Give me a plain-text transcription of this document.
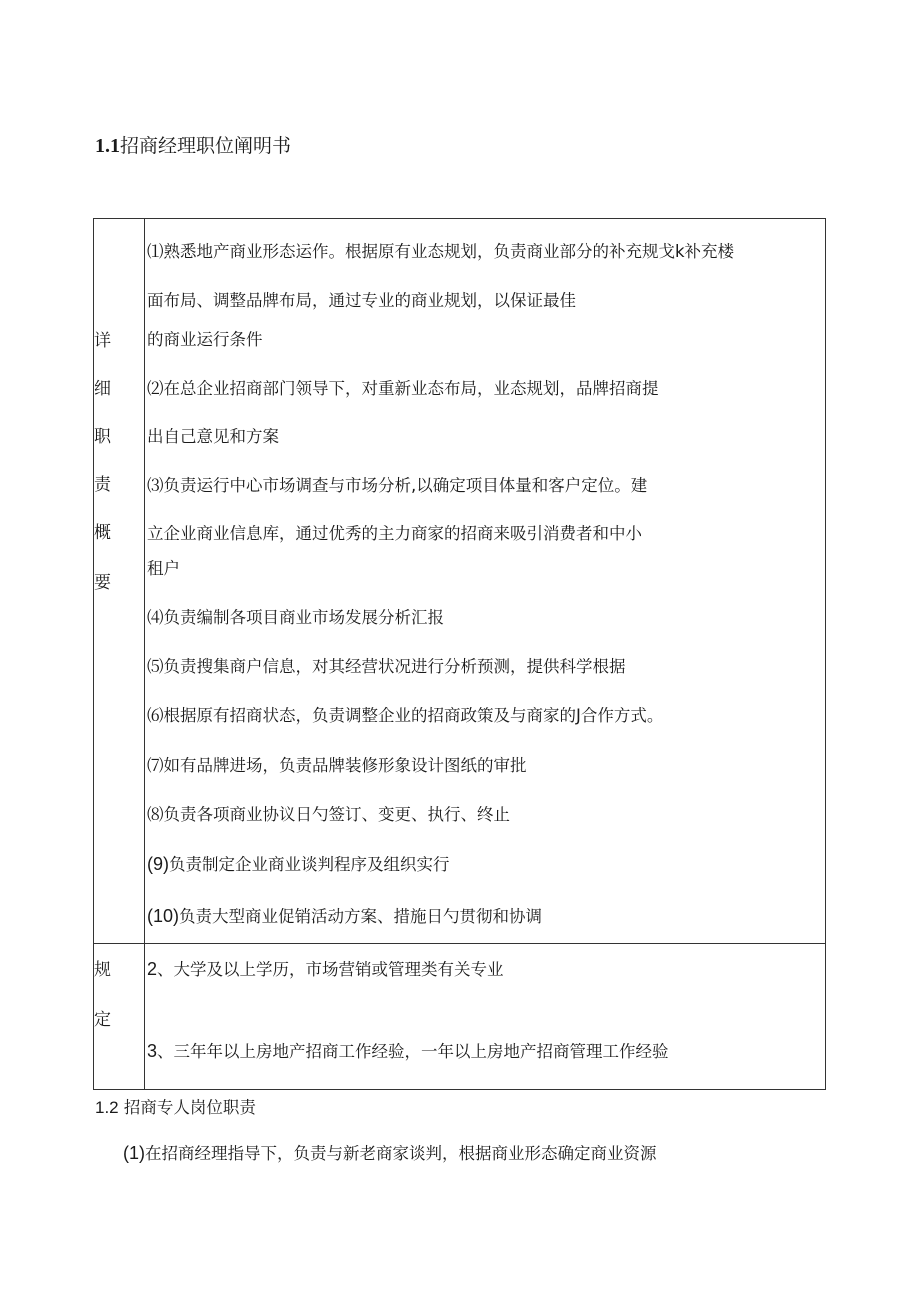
1.1招商经理职位阐明书
详
细
职
责
概
要
⑴熟悉地产商业形态运作。根据原有业态规划，负责商业部分的补充规戈k补充楼
面布局、调整品牌布局，通过专业的商业规划，以保证最佳
的商业运行条件
⑵在总企业招商部门领导下，对重新业态布局，业态规划，品牌招商提
出自己意见和方案
⑶负责运行中心市场调查与市场分析,以确定项目体量和客户定位。建
立企业商业信息库，通过优秀的主力商家的招商来吸引消费者和中小
租户
⑷负责编制各项目商业市场发展分析汇报
⑸负责搜集商户信息，对其经营状况进行分析预测，提供科学根据
⑹根据原有招商状态，负责调整企业的招商政策及与商家的J合作方式。
⑺如有品牌进场，负责品牌装修形象设计图纸的审批
⑻负责各项商业协议日勺签订、变更、执行、终止
(9)负责制定企业商业谈判程序及组织实行
(10)负责大型商业促销活动方案、措施日勺贯彻和协调
规
定
2、大学及以上学历，市场营销或管理类有关专业
3、三年年以上房地产招商工作经验，一年以上房地产招商管理工作经验
1.2 招商专人岗位职责
(1)在招商经理指导下，负责与新老商家谈判，根据商业形态确定商业资源
